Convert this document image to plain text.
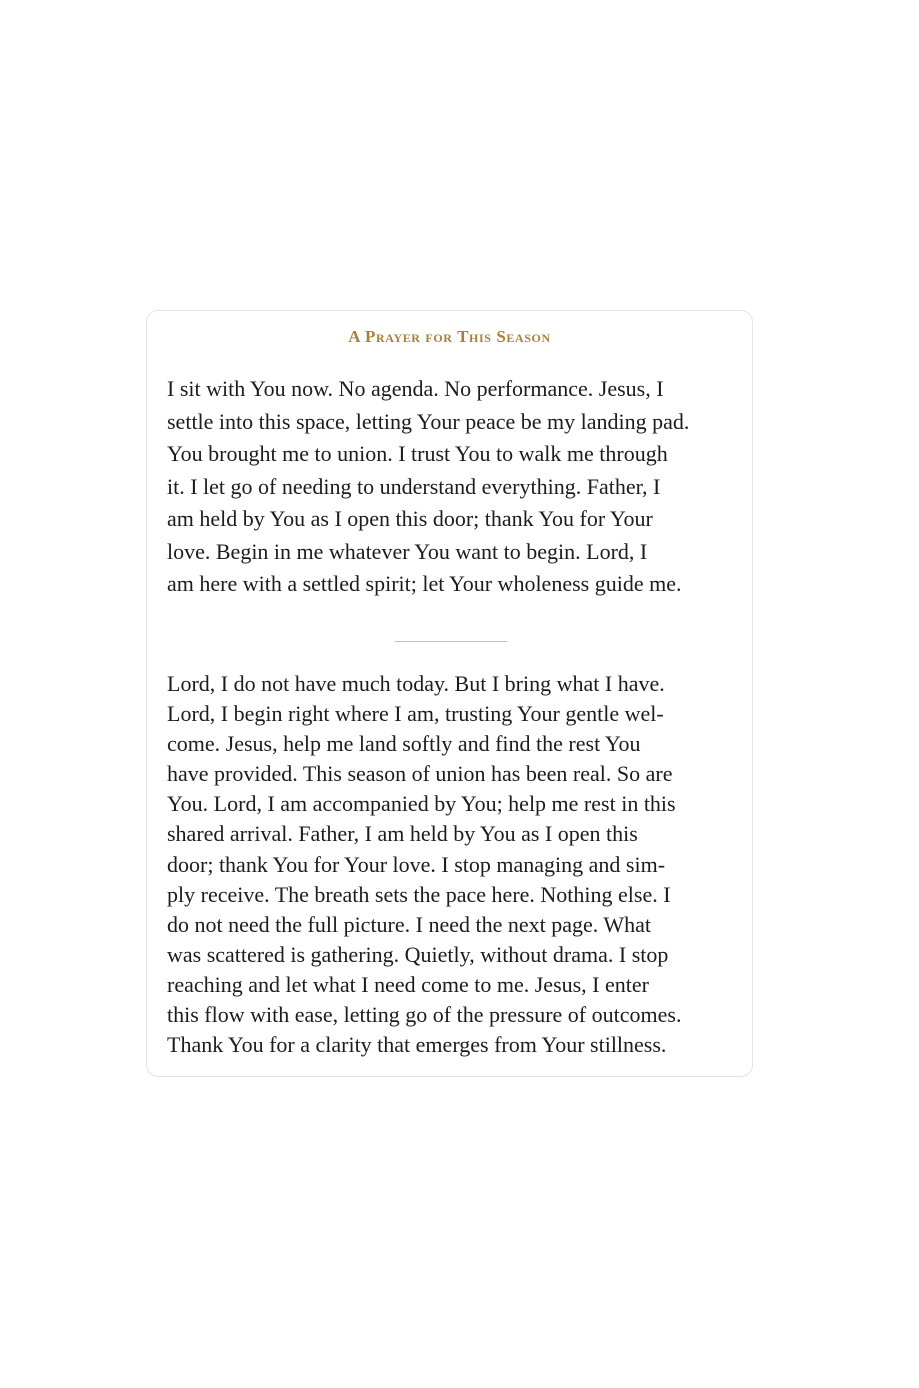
A Prayer for This Season

I sit with You now. No agenda. No performance. Jesus, I
settle into this space, letting Your peace be my landing pad.
You brought me to union. I trust You to walk me through
it. I let go of needing to understand everything. Father, I
am held by You as I open this door; thank You for Your
love. Begin in me whatever You want to begin. Lord, I
am here with a settled spirit; let Your wholeness guide me.

Lord, I do not have much today. But I bring what I have.
Lord, I begin right where I am, trusting Your gentle wel-
come. Jesus, help me land softly and find the rest You
have provided. This season of union has been real. So are
You. Lord, I am accompanied by You; help me rest in this
shared arrival. Father, I am held by You as I open this
door; thank You for Your love. I stop managing and sim-
ply receive. The breath sets the pace here. Nothing else. I
do not need the full picture. I need the next page. What
was scattered is gathering. Quietly, without drama. I stop
reaching and let what I need come to me. Jesus, I enter
this flow with ease, letting go of the pressure of outcomes.
Thank You for a clarity that emerges from Your stillness.
